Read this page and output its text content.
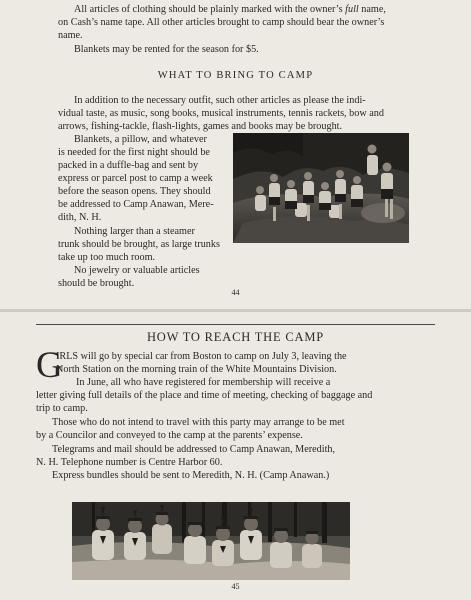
All articles of clothing should be plainly marked with the owner’s full name,
on Cash’s name tape. All other articles brought to camp should bear the owner’s
name.

Blankets may be rented for the season for $5.

WHAT TO BRING TO CAMP

In addition to the necessary outfit, such other articles as please the indi-
vidual taste, as music, song books, musical instruments, tennis rackets, bow and
arrows, fishing-tackle, flash-lights, games and books may be brought.

Blankets, a pillow, and whatever
is needed for the first night should be
packed in a duffle-bag and sent by
express or parcel post to camp a week
before the season opens. They should
be addressed to Camp Anawan, Mere-
dith, N. H.

Nothing larger than a steamer
trunk should be brought, as large trunks
take up too much room.

No jewelry or valuable articles
should be brought.

44

HOW TO REACH THE CAMP
G

IRLS will go by special car from Boston to camp on July 3, leaving the
North Station on the morning train of the White Mountains Division.
In June, all who have registered for membership will receive a
letter giving full details of the place and time of meeting, checking of baggage and
trip to camp.

Those who do not intend to travel with this party may arrange to be met
by a Councilor and conveyed to the camp at the parents’ expense.

Telegrams and mail should be addressed to Camp Anawan, Meredith,
N. H. Telephone number is Centre Harbor 60.

Express bundles should be sent to Meredith, N. H. (Camp Anawan.)

45
